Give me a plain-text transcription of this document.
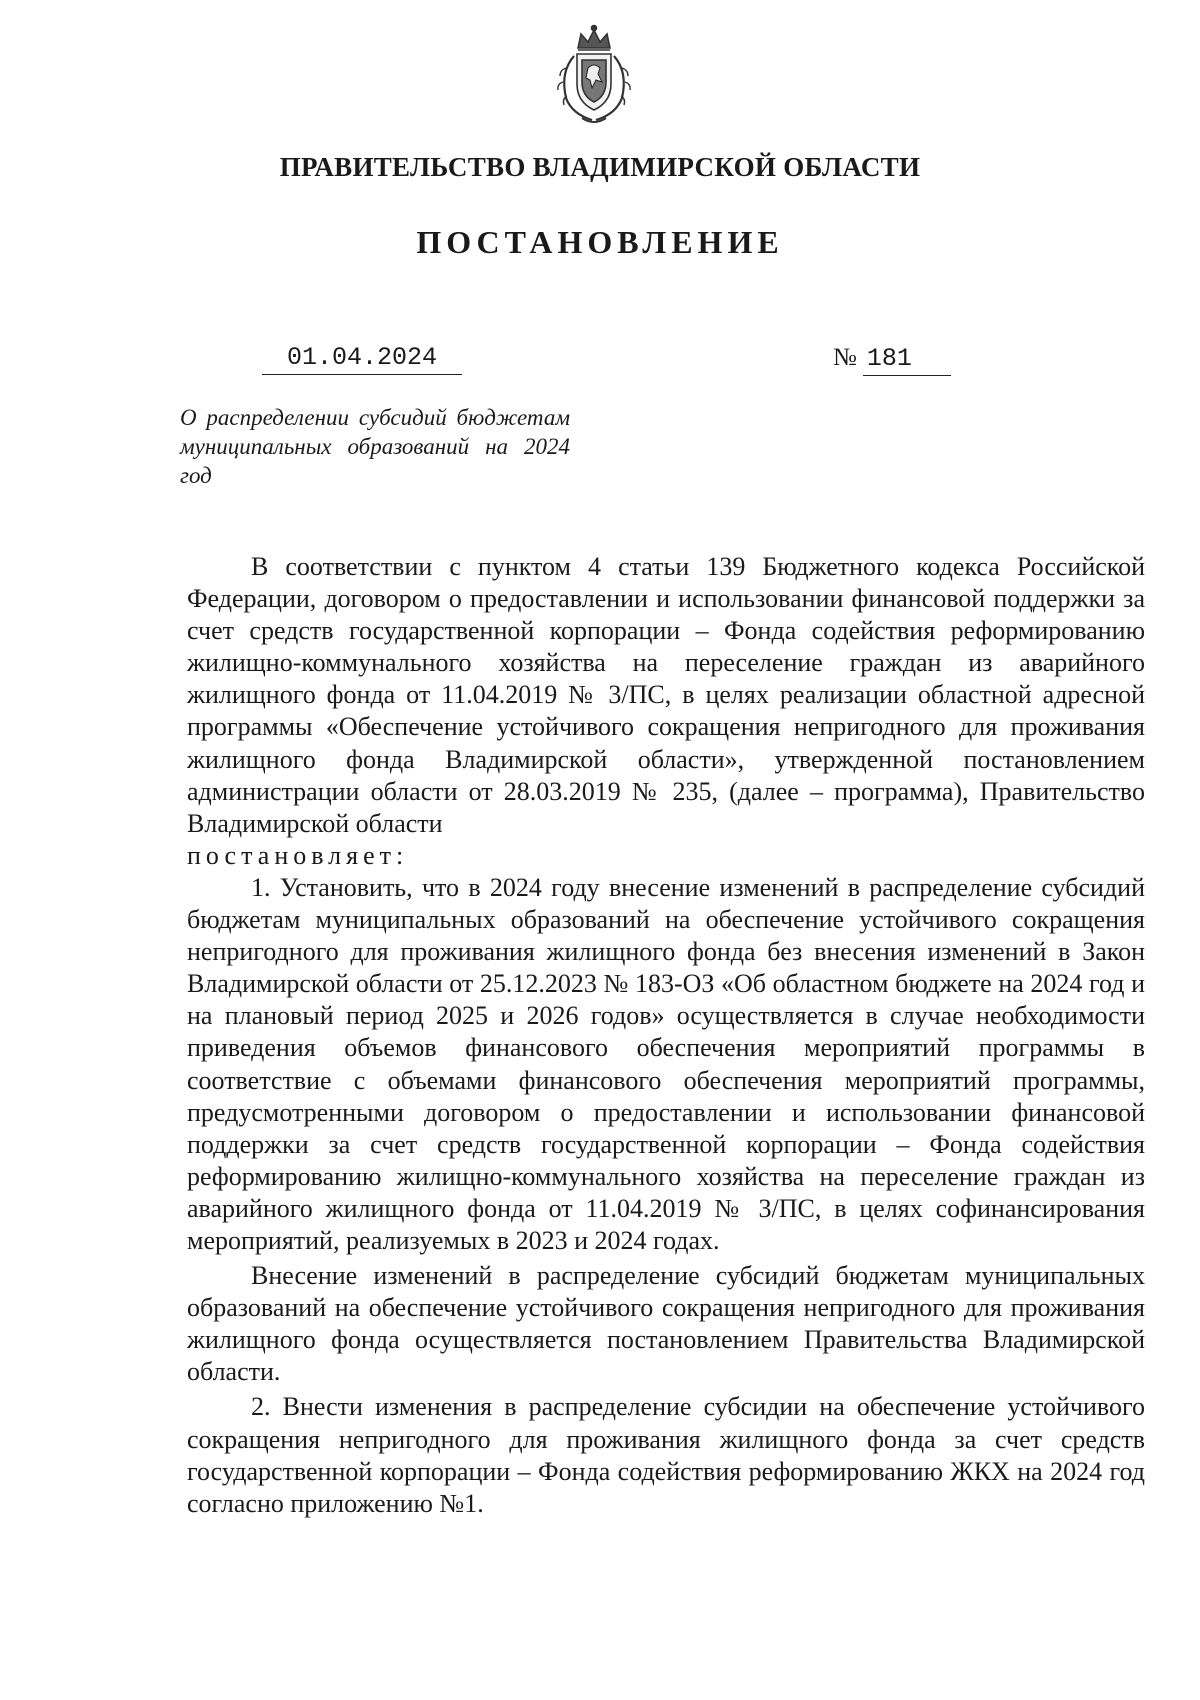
ПРАВИТЕЛЬСТВО ВЛАДИМИРСКОЙ ОБЛАСТИ
ПОСТАНОВЛЕНИЕ
01.04.2024	№ 181
О распределении субсидий бюджетам муниципальных образований на 2024 год

В соответствии с пунктом 4 статьи 139 Бюджетного кодекса Российской Федерации, договором о предоставлении и использовании финансовой поддержки за счет средств государственной корпорации – Фонда содействия реформированию жилищно-коммунального хозяйства на переселение граждан из аварийного жилищного фонда от 11.04.2019 № 3/ПС, в целях реализации областной адресной программы «Обеспечение устойчивого сокращения непригодного для проживания жилищного фонда Владимирской области», утвержденной постановлением администрации области от 28.03.2019 № 235, (далее – программа), Правительство Владимирской области

постановляет:

1. Установить, что в 2024 году внесение изменений в распределение субсидий бюджетам муниципальных образований на обеспечение устойчивого сокращения непригодного для проживания жилищного фонда без внесения изменений в Закон Владимирской области от 25.12.2023 № 183-ОЗ «Об областном бюджете на 2024 год и на плановый период 2025 и 2026 годов» осуществляется в случае необходимости приведения объемов финансового обеспечения мероприятий программы в соответствие с объемами финансового обеспечения мероприятий программы, предусмотренными договором о предоставлении и использовании финансовой поддержки за счет средств государственной корпорации – Фонда содействия реформированию жилищно-коммунального хозяйства на переселение граждан из аварийного жилищного фонда от 11.04.2019 № 3/ПС, в целях софинансирования мероприятий, реализуемых в 2023 и 2024 годах.

Внесение изменений в распределение субсидий бюджетам муниципальных образований на обеспечение устойчивого сокращения непригодного для проживания жилищного фонда осуществляется постановлением Правительства Владимирской области.

2. Внести изменения в распределение субсидии на обеспечение устойчивого сокращения непригодного для проживания жилищного фонда за счет средств государственной корпорации – Фонда содействия реформированию ЖКХ на 2024 год согласно приложению №1.
